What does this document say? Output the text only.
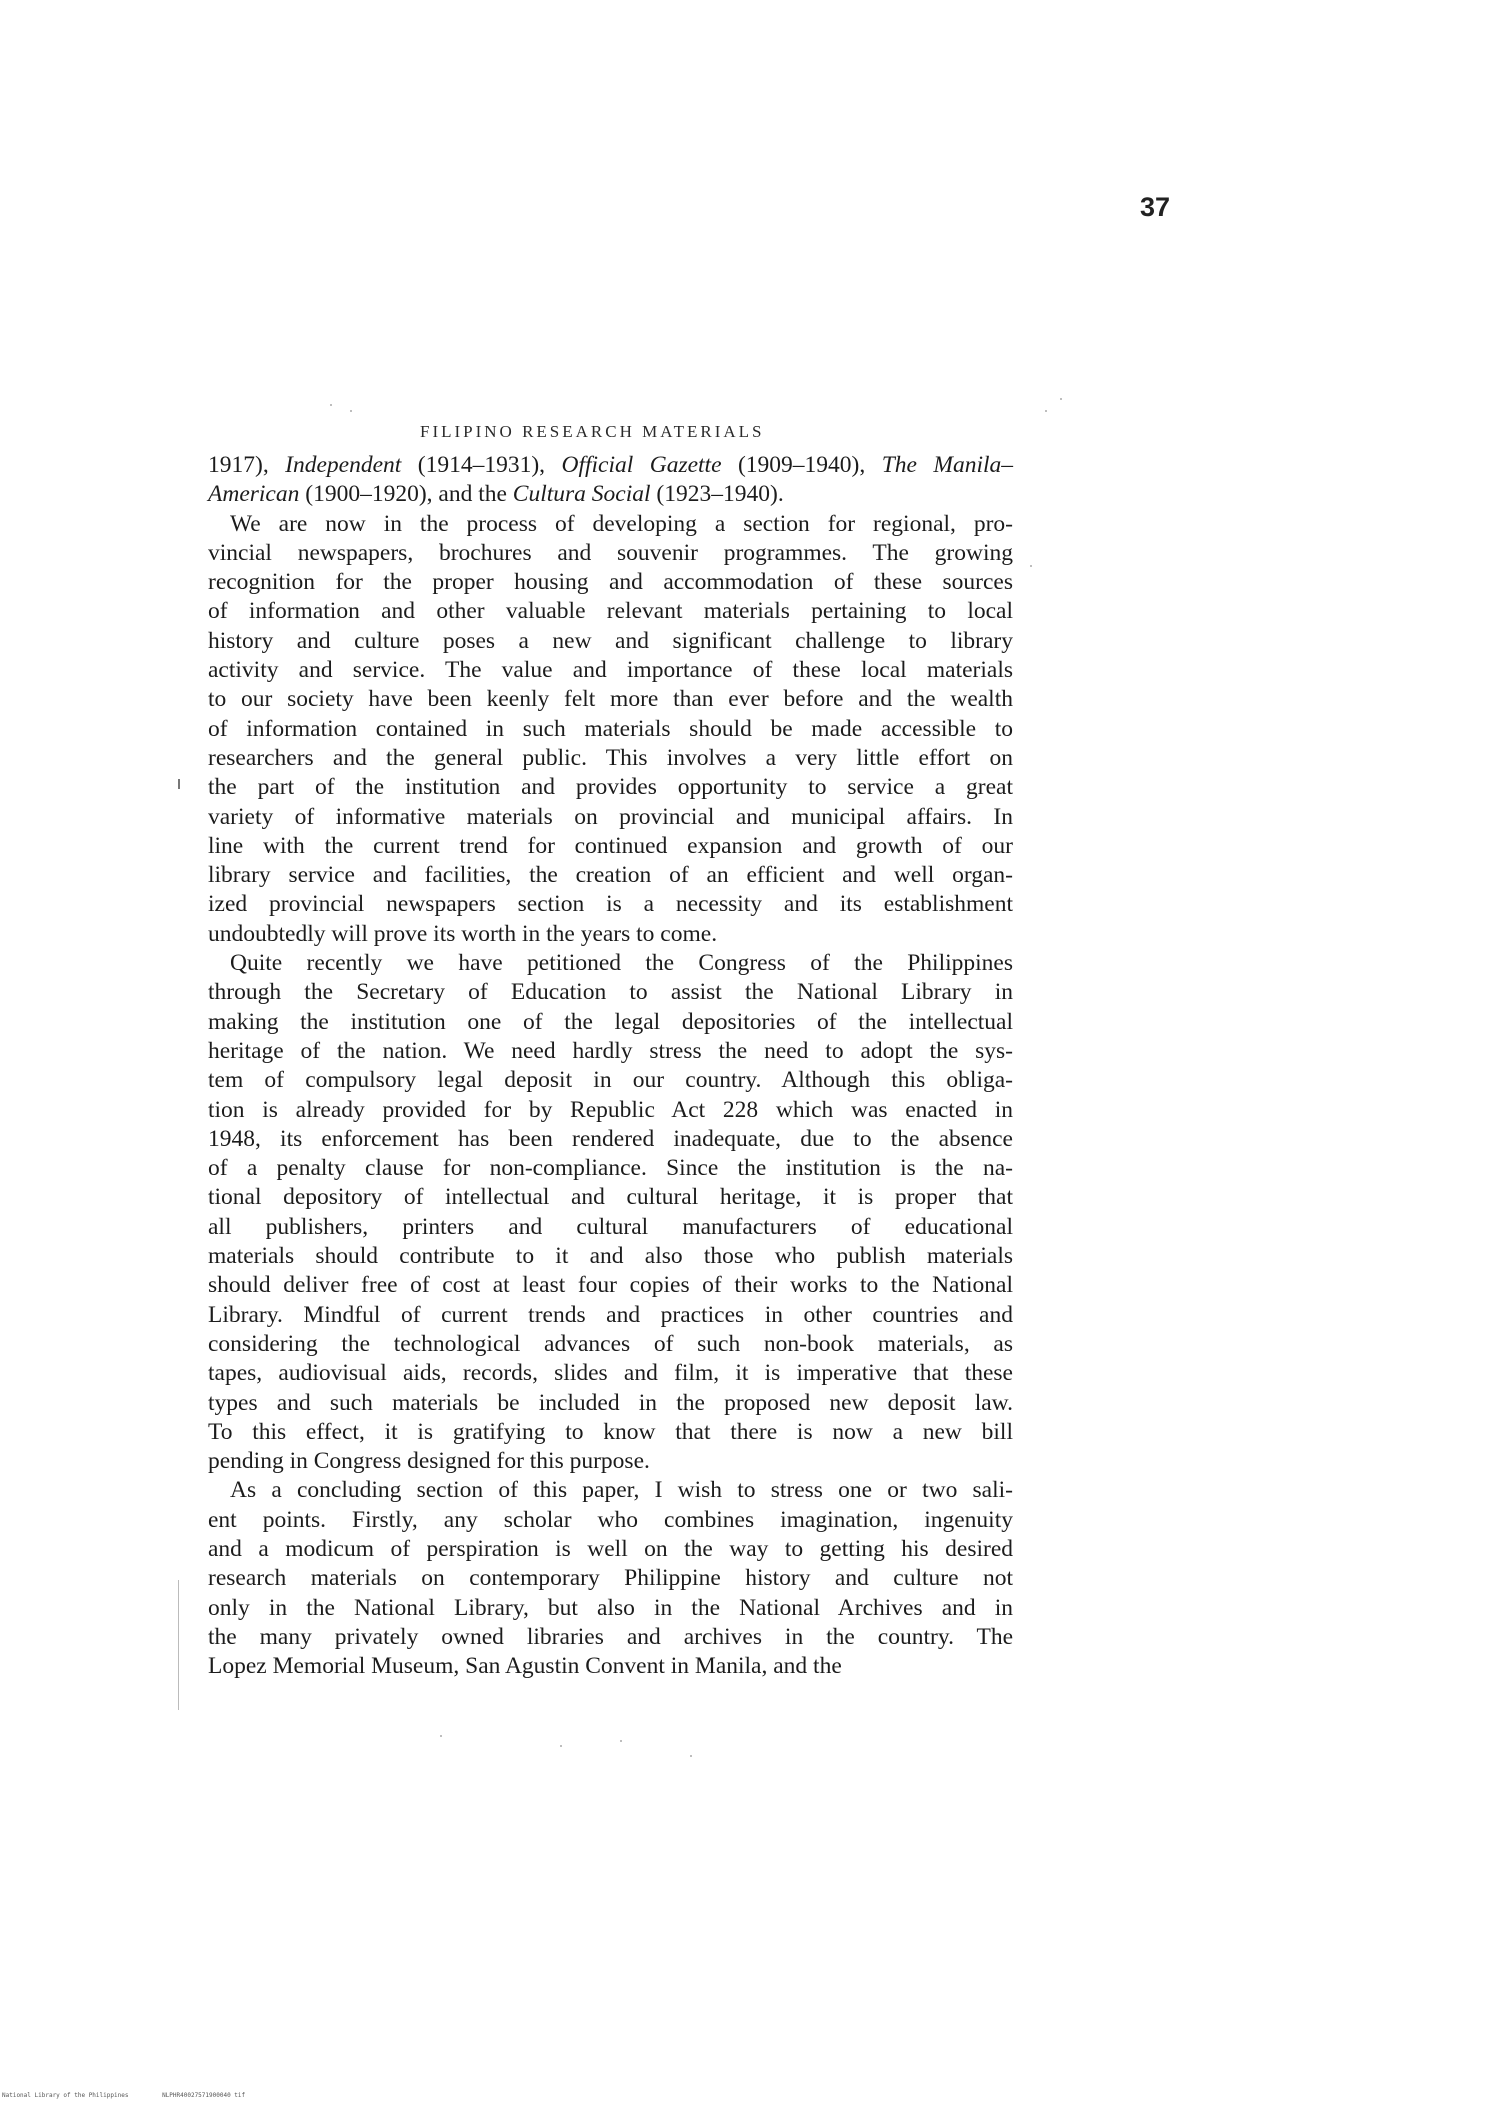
37
FILIPINO RESEARCH MATERIALS
1917), Independent (1914–1931), Official Gazette (1909–1940), The Manila–
American (1900–1920), and the Cultura Social (1923–1940).
We are now in the process of developing a section for regional, pro-
vincial newspapers, brochures and souvenir programmes. The growing
recognition for the proper housing and accommodation of these sources
of information and other valuable relevant materials pertaining to local
history and culture poses a new and significant challenge to library
activity and service. The value and importance of these local materials
to our society have been keenly felt more than ever before and the wealth
of information contained in such materials should be made accessible to
researchers and the general public. This involves a very little effort on
the part of the institution and provides opportunity to service a great
variety of informative materials on provincial and municipal affairs. In
line with the current trend for continued expansion and growth of our
library service and facilities, the creation of an efficient and well organ-
ized provincial newspapers section is a necessity and its establishment
undoubtedly will prove its worth in the years to come.
Quite recently we have petitioned the Congress of the Philippines
through the Secretary of Education to assist the National Library in
making the institution one of the legal depositories of the intellectual
heritage of the nation. We need hardly stress the need to adopt the sys-
tem of compulsory legal deposit in our country. Although this obliga-
tion is already provided for by Republic Act 228 which was enacted in
1948, its enforcement has been rendered inadequate, due to the absence
of a penalty clause for non-compliance. Since the institution is the na-
tional depository of intellectual and cultural heritage, it is proper that
all publishers, printers and cultural manufacturers of educational
materials should contribute to it and also those who publish materials
should deliver free of cost at least four copies of their works to the National
Library. Mindful of current trends and practices in other countries and
considering the technological advances of such non-book materials, as
tapes, audiovisual aids, records, slides and film, it is imperative that these
types and such materials be included in the proposed new deposit law.
To this effect, it is gratifying to know that there is now a new bill
pending in Congress designed for this purpose.
As a concluding section of this paper, I wish to stress one or two sali-
ent points. Firstly, any scholar who combines imagination, ingenuity
and a modicum of perspiration is well on the way to getting his desired
research materials on contemporary Philippine history and culture not
only in the National Library, but also in the National Archives and in
the many privately owned libraries and archives in the country. The
Lopez Memorial Museum, San Agustin Convent in Manila, and the
National Library of the Philippines	NLPHR40027571900040 tif
